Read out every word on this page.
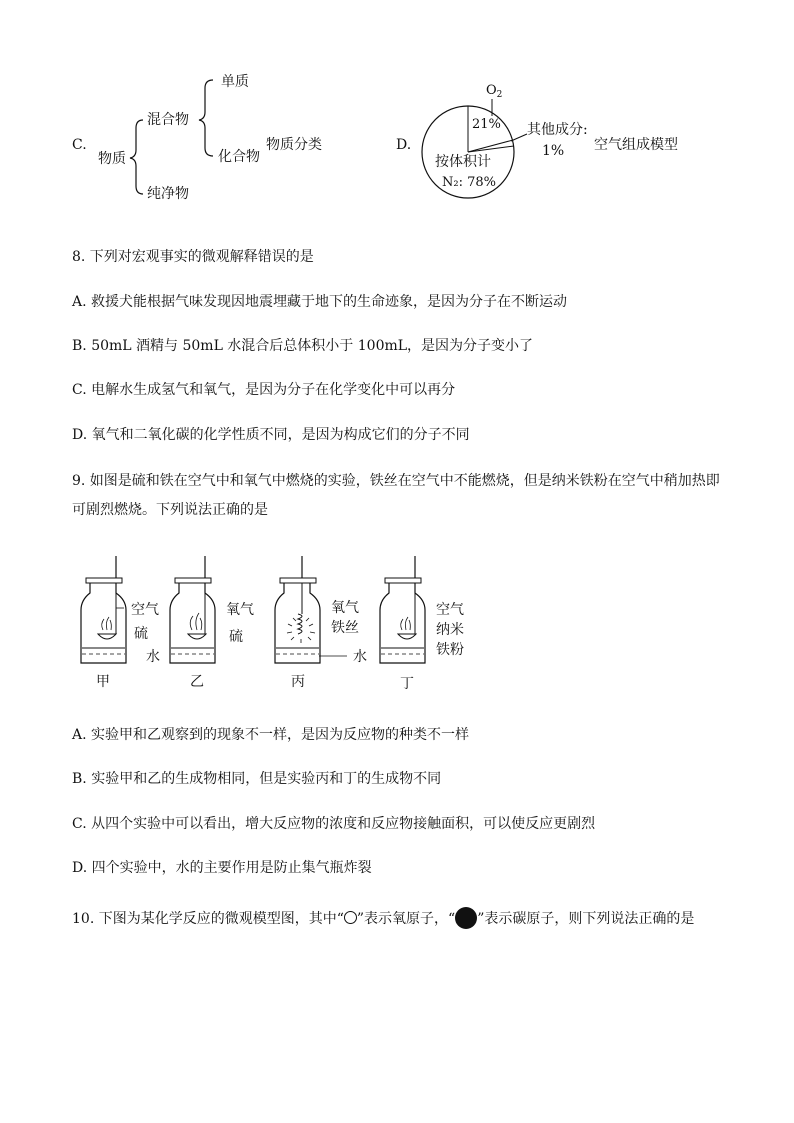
C.
物质
混合物
单质
化合物
纯净物
物质分类	D.
$O_2$
21%
按体积计
N₂: 78%
其他成分:
1% 空气组成模型
8. 下列对宏观事实的微观解释错误的是
A. 救援犬能根据气味发现因地震埋藏于地下的生命迹象，是因为分子在不断运动
B. 50mL 酒精与 50mL 水混合后总体积小于 100mL，是因为分子变小了
C. 电解水生成氢气和氧气，是因为分子在化学变化中可以再分
D. 氧气和二氧化碳的化学性质不同，是因为构成它们的分子不同
9. 如图是硫和铁在空气中和氧气中燃烧的实验，铁丝在空气中不能燃烧，但是纳米铁粉在空气中稍加热即
可剧烈燃烧。下列说法正确的是
空气
硫
水
甲
氧气
硫
乙
氧气
铁丝
水
丙
空气
纳米
铁粉
丁
A. 实验甲和乙观察到的现象不一样，是因为反应物的种类不一样
B. 实验甲和乙的生成物相同，但是实验丙和丁的生成物不同
C. 从四个实验中可以看出，增大反应物的浓度和反应物接触面积，可以使反应更剧烈
D. 四个实验中，水的主要作用是防止集气瓶炸裂
10. 下图为某化学反应的微观模型图，其中“ ”表示氧原子，“ ”表示碳原子，则下列说法正确的是
